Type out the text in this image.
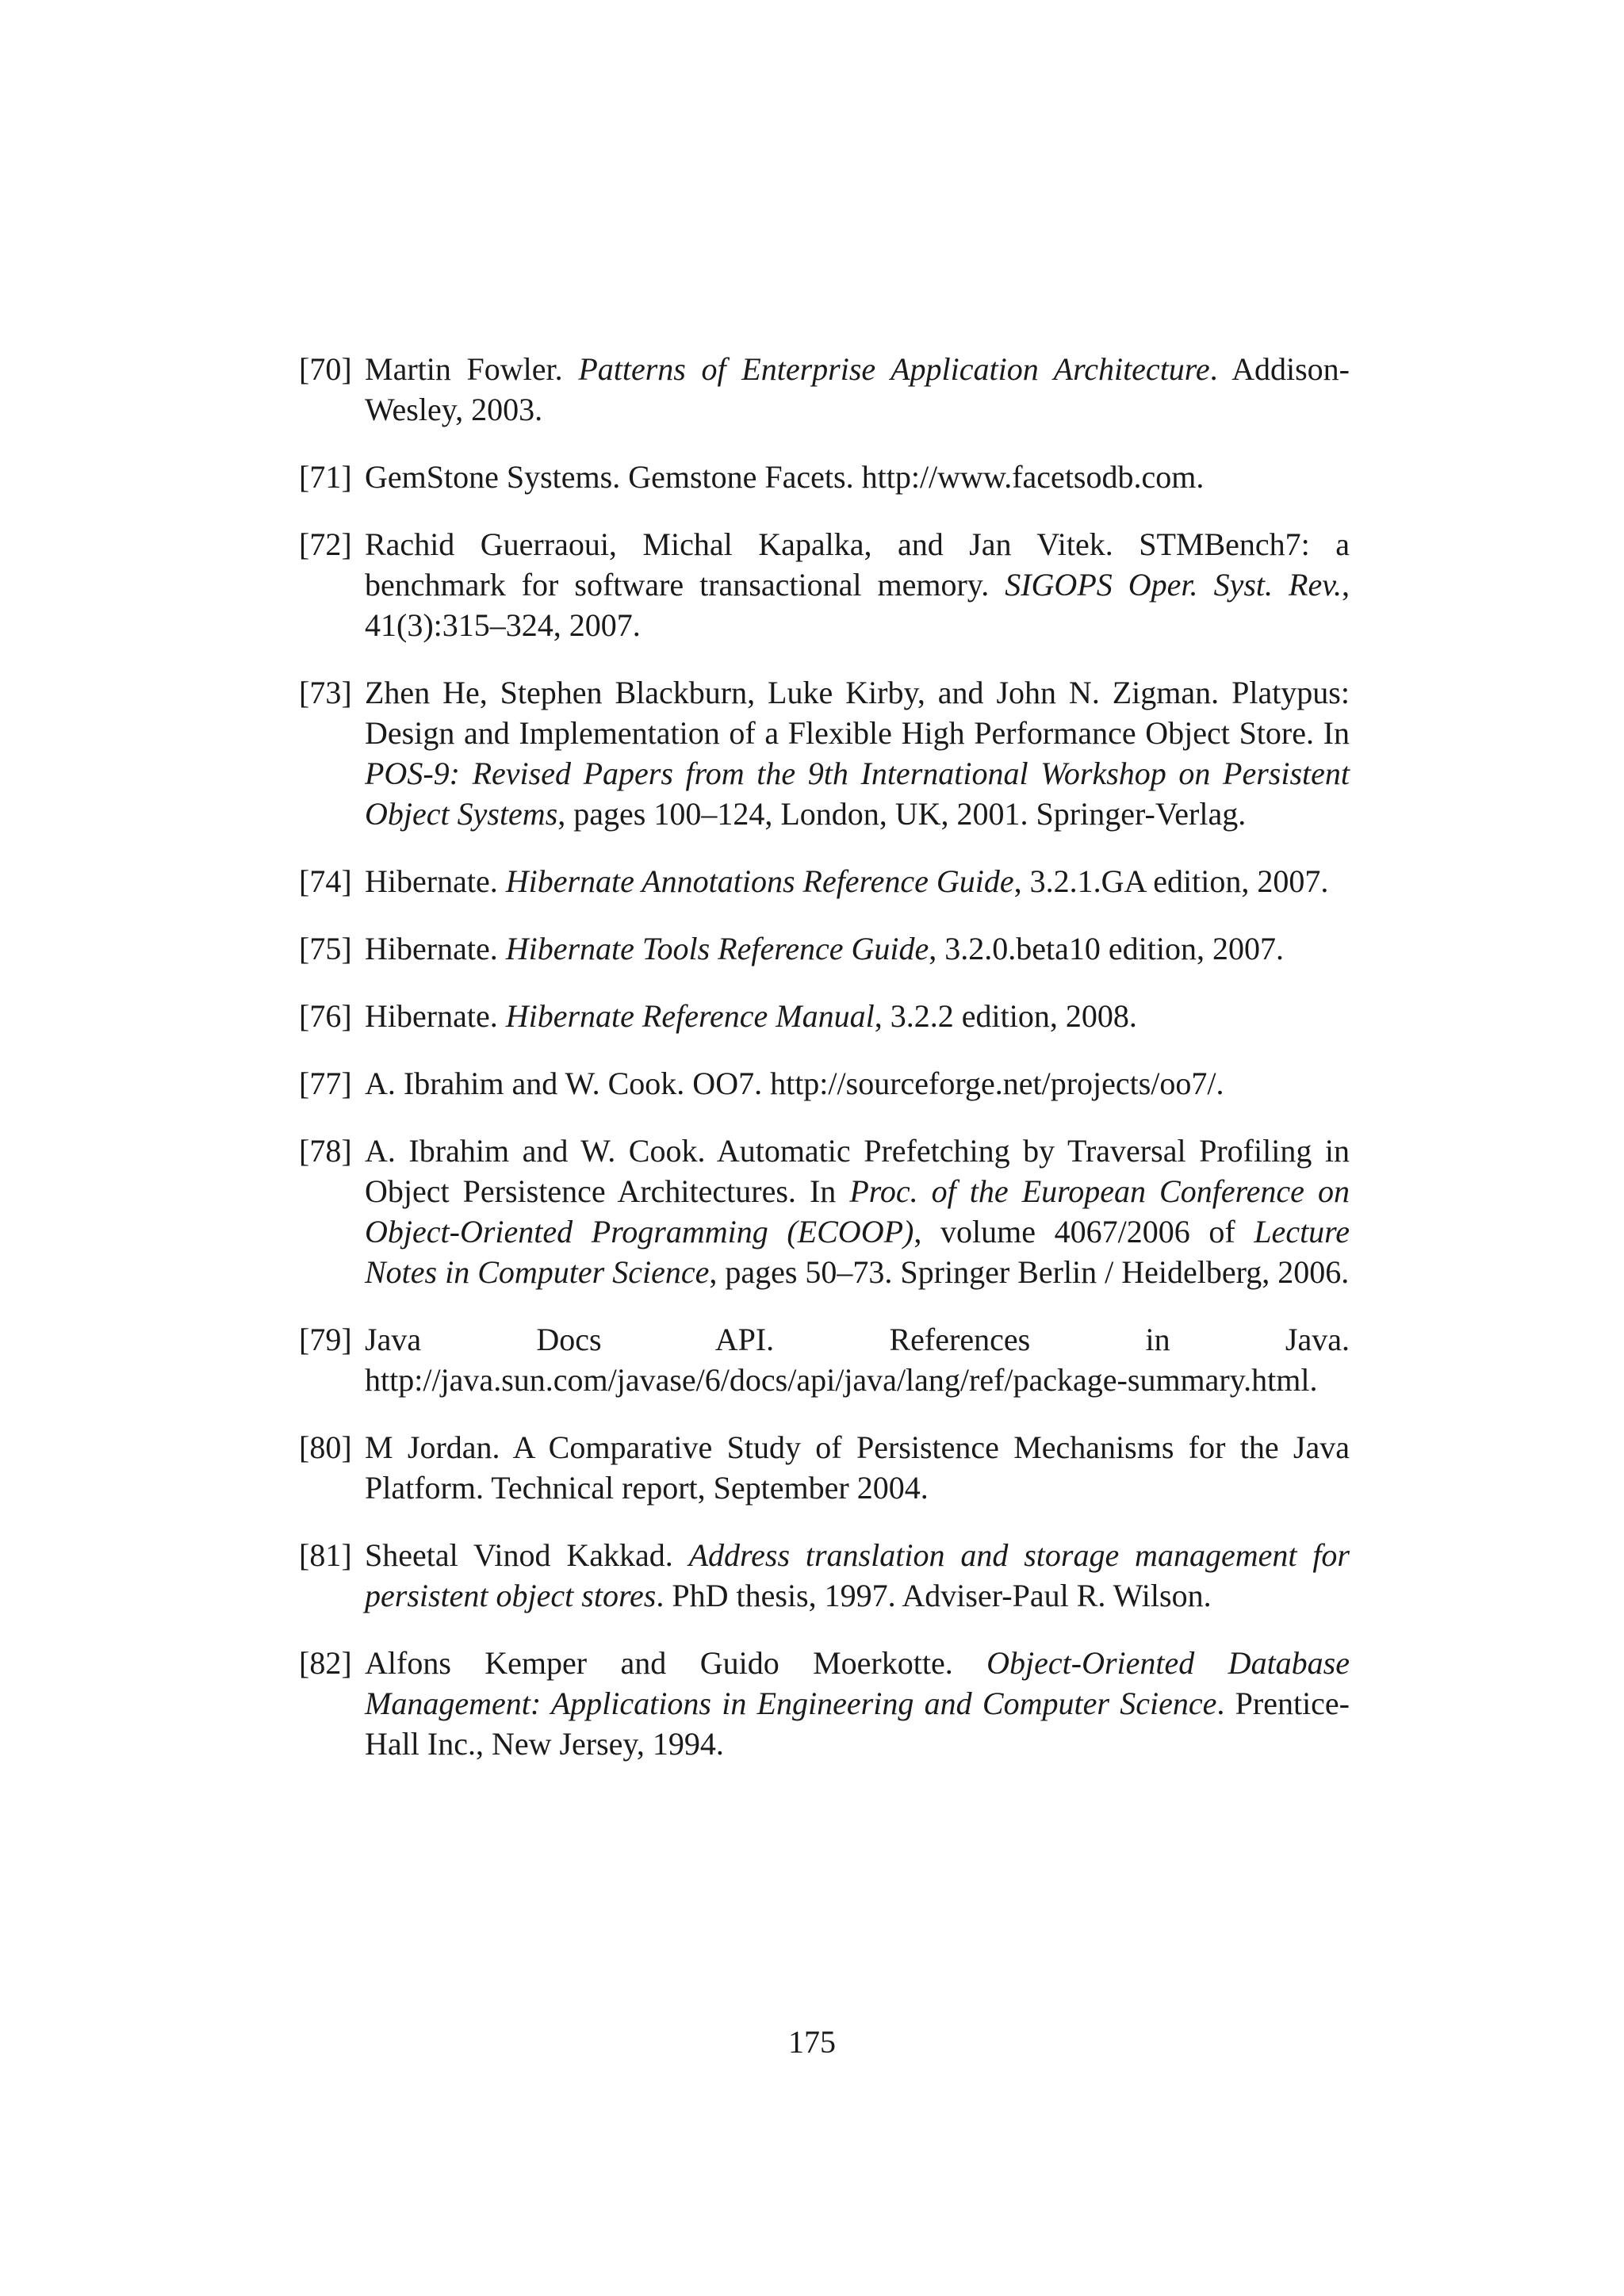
[70] Martin Fowler. Patterns of Enterprise Application Architecture. Addison-Wesley, 2003.
[71] GemStone Systems. Gemstone Facets. http://www.facetsodb.com.
[72] Rachid Guerraoui, Michal Kapalka, and Jan Vitek. STMBench7: a benchmark for software transactional memory. SIGOPS Oper. Syst. Rev., 41(3):315–324, 2007.
[73] Zhen He, Stephen Blackburn, Luke Kirby, and John N. Zigman. Platypus: Design and Implementation of a Flexible High Performance Object Store. In POS-9: Revised Papers from the 9th International Workshop on Persistent Object Systems, pages 100–124, London, UK, 2001. Springer-Verlag.
[74] Hibernate. Hibernate Annotations Reference Guide, 3.2.1.GA edition, 2007.
[75] Hibernate. Hibernate Tools Reference Guide, 3.2.0.beta10 edition, 2007.
[76] Hibernate. Hibernate Reference Manual, 3.2.2 edition, 2008.
[77] A. Ibrahim and W. Cook. OO7. http://sourceforge.net/projects/oo7/.
[78] A. Ibrahim and W. Cook. Automatic Prefetching by Traversal Profiling in Object Persistence Architectures. In Proc. of the European Conference on Object-Oriented Programming (ECOOP), volume 4067/2006 of Lecture Notes in Computer Science, pages 50–73. Springer Berlin / Heidelberg, 2006.
[79] Java Docs API. References in Java. http://java.sun.com/javase/6/docs/api/java/lang/ref/package-summary.html.
[80] M Jordan. A Comparative Study of Persistence Mechanisms for the Java Platform. Technical report, September 2004.
[81] Sheetal Vinod Kakkad. Address translation and storage management for persistent object stores. PhD thesis, 1997. Adviser-Paul R. Wilson.
[82] Alfons Kemper and Guido Moerkotte. Object-Oriented Database Management: Applications in Engineering and Computer Science. Prentice-Hall Inc., New Jersey, 1994.
175
